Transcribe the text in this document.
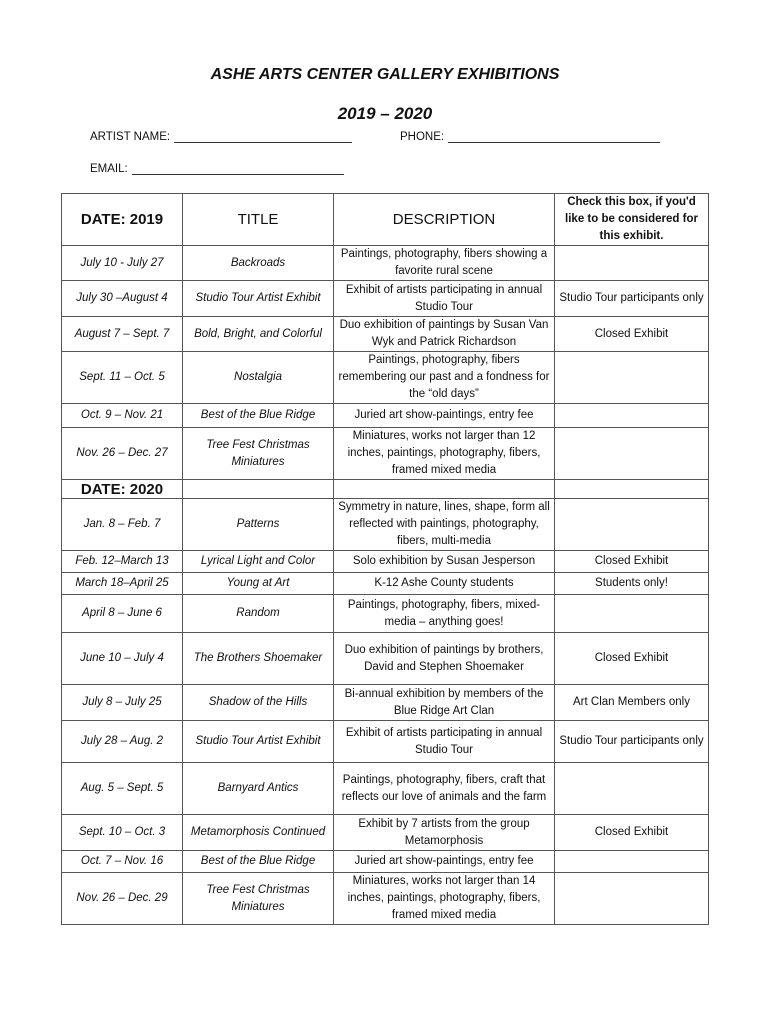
ASHE ARTS CENTER GALLERY EXHIBITIONS
2019 – 2020
ARTIST NAME:	PHONE:
EMAIL:
DATE: 2019	TITLE	DESCRIPTION	Check this box, if you'd like to be considered for this exhibit.
July 10 - July 27	Backroads	Paintings, photography, fibers showing a favorite rural scene	
July 30 –August 4	Studio Tour Artist Exhibit	Exhibit of artists participating in annual Studio Tour	Studio Tour participants only
August 7 – Sept. 7	Bold, Bright, and Colorful	Duo exhibition of paintings by Susan Van Wyk and Patrick Richardson	Closed Exhibit
Sept. 11 – Oct. 5	Nostalgia	Paintings, photography, fibers remembering our past and a fondness for the “old days”	
Oct. 9 – Nov. 21	Best of the Blue Ridge	Juried art show-paintings, entry fee	
Nov. 26 – Dec. 27	Tree Fest Christmas Miniatures	Miniatures, works not larger than 12 inches, paintings, photography, fibers, framed mixed media	
DATE: 2020			
Jan. 8 – Feb. 7	Patterns	Symmetry in nature, lines, shape, form all reflected with paintings, photography, fibers, multi-media	
Feb. 12–March 13	Lyrical Light and Color	Solo exhibition by Susan Jesperson	Closed Exhibit
March 18–April 25	Young at Art	K-12 Ashe County students	Students only!
April 8 – June 6	Random	Paintings, photography, fibers, mixed-media – anything goes!	
June 10 – July 4	The Brothers Shoemaker	Duo exhibition of paintings by brothers, David and Stephen Shoemaker	Closed Exhibit
July 8 – July 25	Shadow of the Hills	Bi-annual exhibition by members of the Blue Ridge Art Clan	Art Clan Members only
July 28 – Aug. 2	Studio Tour Artist Exhibit	Exhibit of artists participating in annual Studio Tour	Studio Tour participants only
Aug. 5 – Sept. 5	Barnyard Antics	Paintings, photography, fibers, craft that reflects our love of animals and the farm	
Sept. 10 – Oct. 3	Metamorphosis Continued	Exhibit by 7 artists from the group Metamorphosis	Closed Exhibit
Oct. 7 – Nov. 16	Best of the Blue Ridge	Juried art show-paintings, entry fee	
Nov. 26 – Dec. 29	Tree Fest Christmas Miniatures	Miniatures, works not larger than 14 inches, paintings, photography, fibers, framed mixed media	
